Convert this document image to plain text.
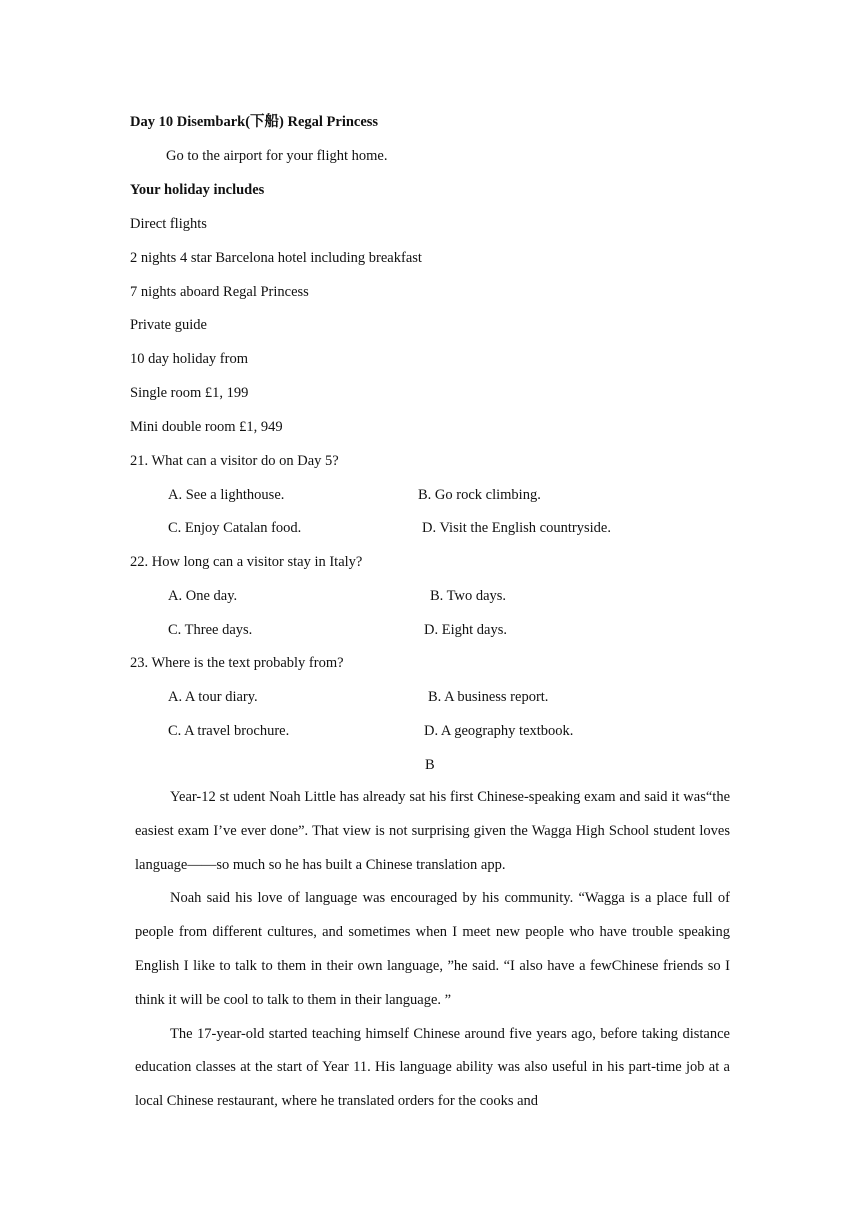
Day 10 Disembark(下船) Regal Princess
Go to the airport for your flight home.
Your holiday includes
Direct flights
2 nights 4 star Barcelona hotel including breakfast
7 nights aboard Regal Princess
Private guide
10 day holiday from
Single room £1, 199
Mini double room £1, 949
21. What can a visitor do on Day 5?
A. See a lighthouse.	B. Go rock climbing.
C. Enjoy Catalan food.	D. Visit the English countryside.
22. How long can a visitor stay in Italy?
A. One day.	B. Two days.
C. Three days.	D. Eight days.
23. Where is the text probably from?
A. A tour diary.	B. A business report.
C. A travel brochure.	D. A geography textbook.
B

Year-12 st udent Noah Little has already sat his first Chinese-speaking exam and said it was“the easiest exam I’ve ever done”. That view is not surprising given the Wagga High School student loves language——so much so he has built a Chinese translation app.

Noah said his love of language was encouraged by his community. “Wagga is a place full of people from different cultures, and sometimes when I meet new people who have trouble speaking English I like to talk to them in their own language, ”he said. “I also have a fewChinese friends so I think it will be cool to talk to them in their language. ”

The 17-year-old started teaching himself Chinese around five years ago, before taking distance education classes at the start of Year 11. His language ability was also useful in his part-time job at a local Chinese restaurant, where he translated orders for the cooks and
